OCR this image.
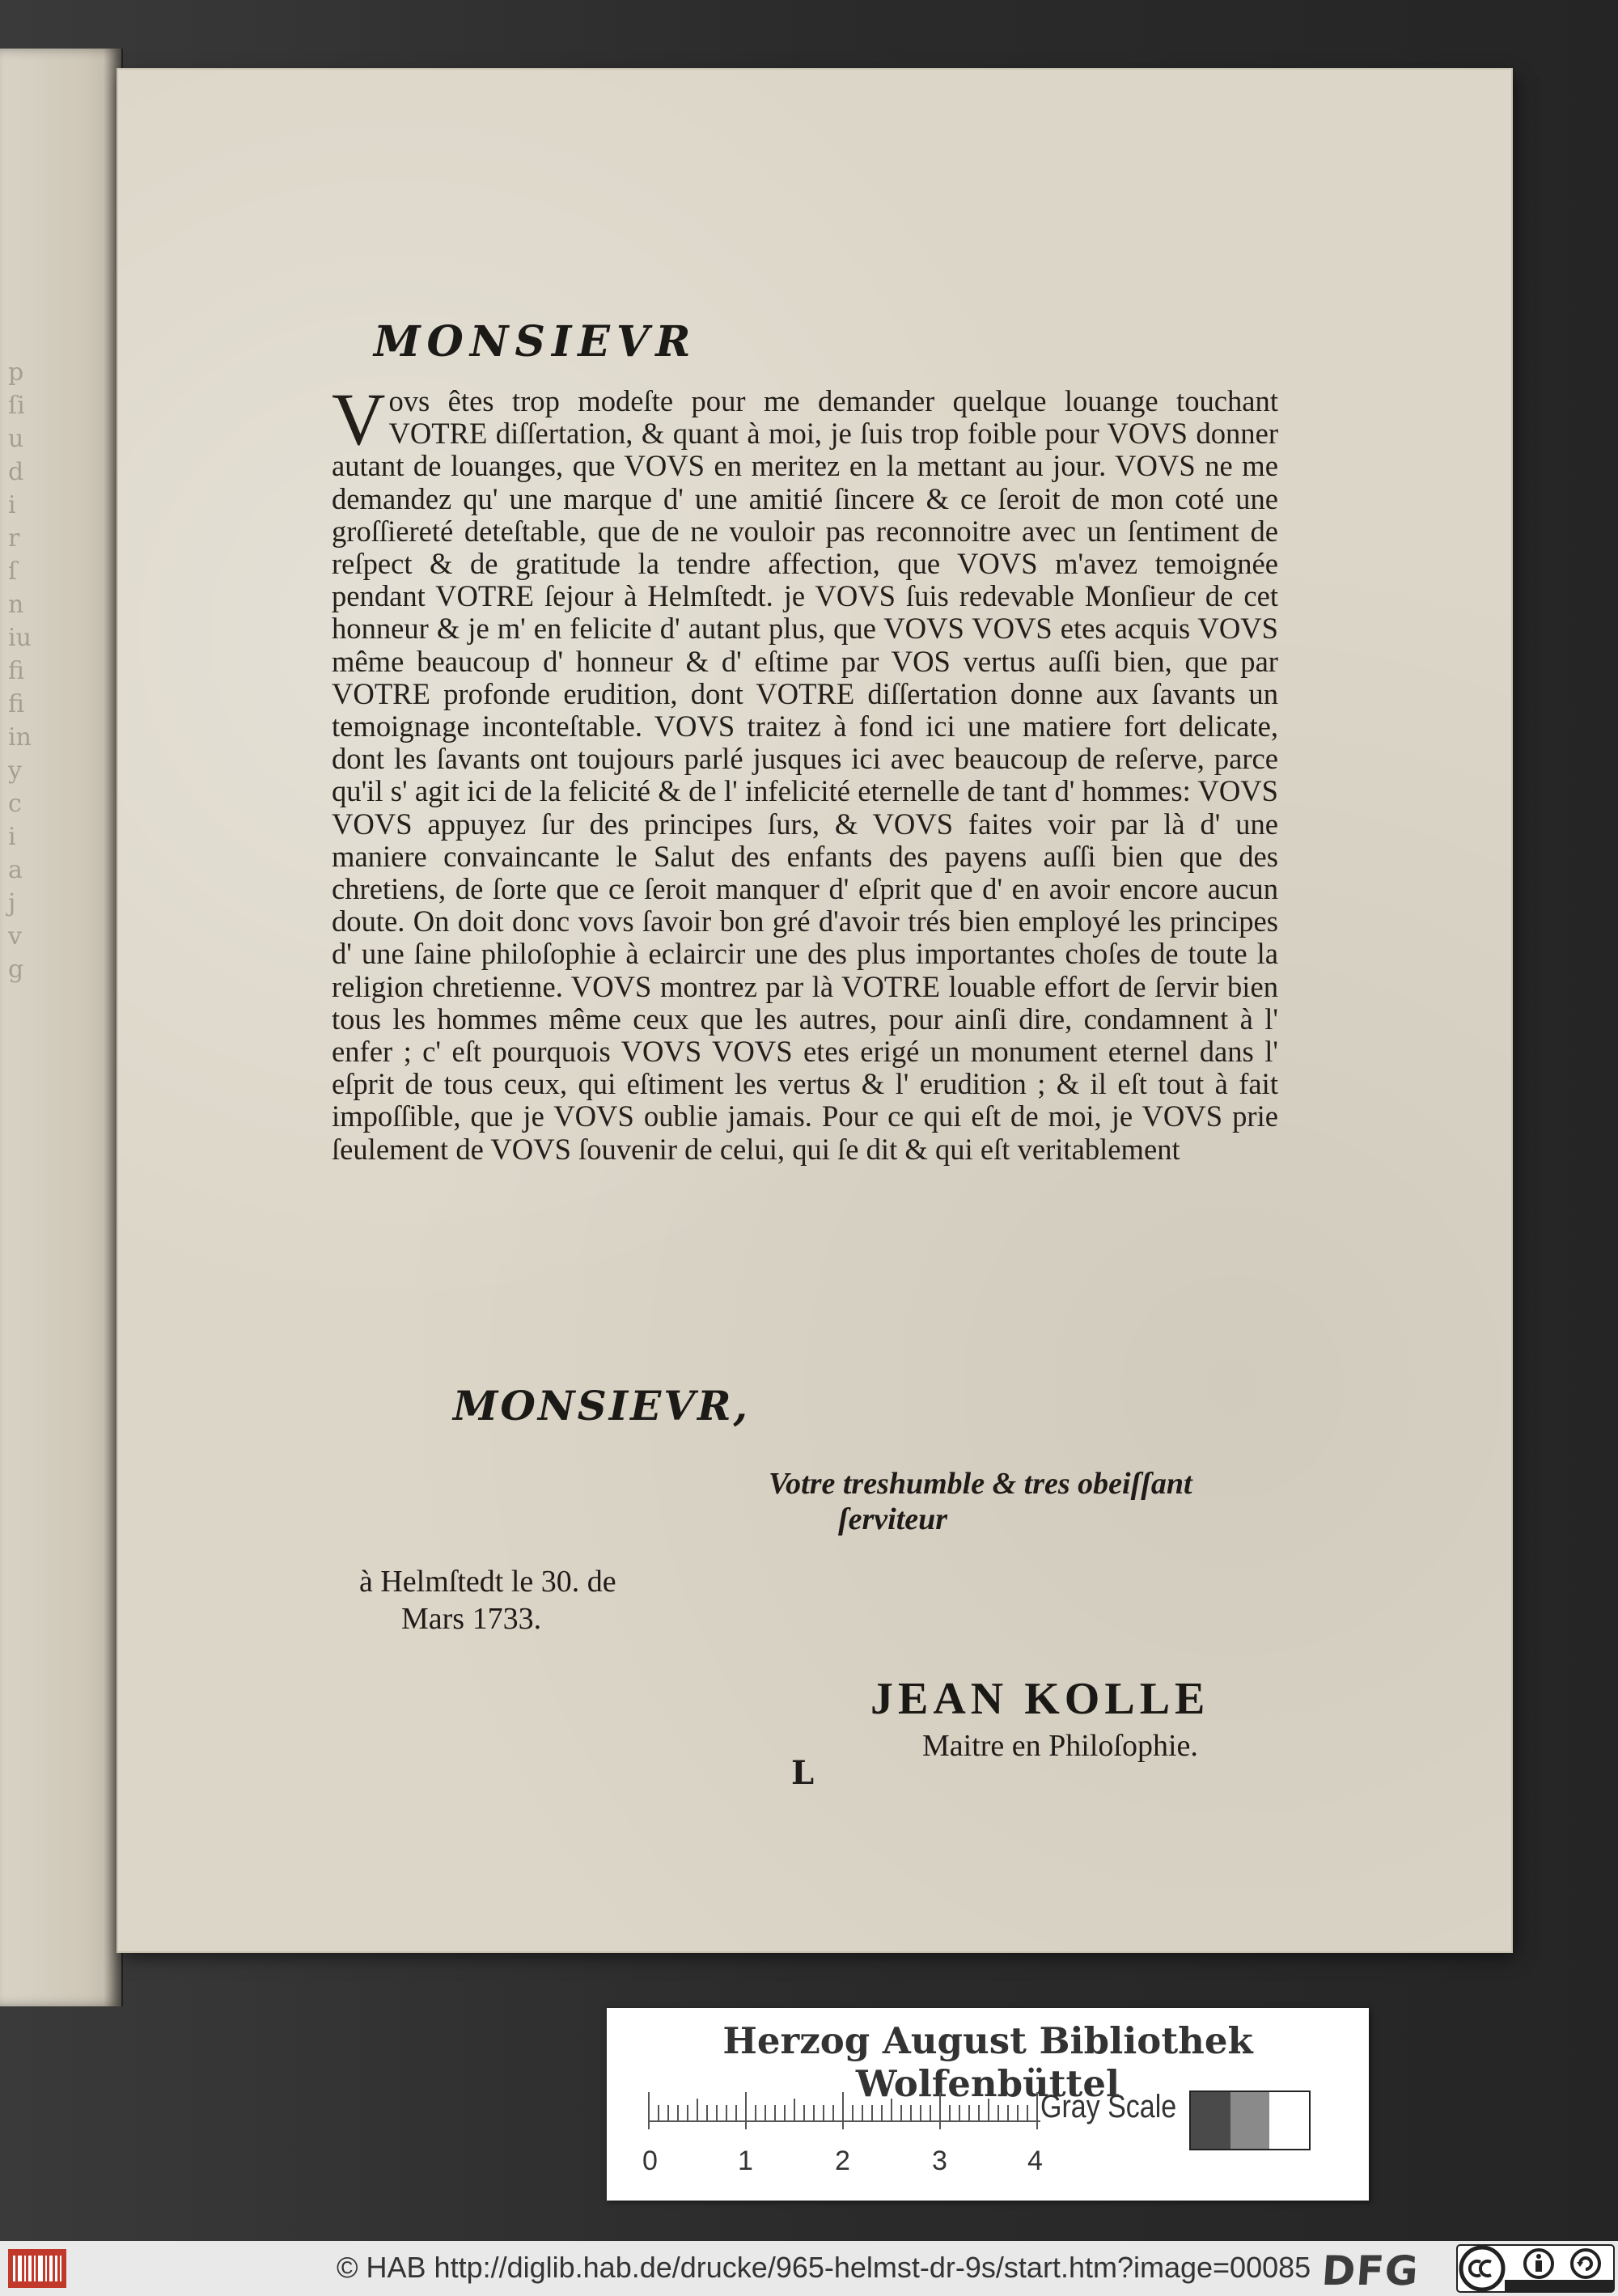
p
ſi
u
d
i
r
ſ
n
iu
fi
fi
in
y
c
i
a
j
v
g
MONSIEVR

Vovs êtes trop modeſte pour me demander quelque louange touchant VOTRE diſſertation, & quant à moi, je ſuis trop foible pour VOVS donner autant de louanges, que VOVS en meritez en la mettant au jour. VOVS ne me demandez qu' une marque d' une amitié ſincere & ce ſeroit de mon coté une groſſiereté deteſtable, que de ne vouloir pas reconnoitre avec un ſentiment de reſpect & de gratitude la tendre affection, que VOVS m'avez temoignée pendant VOTRE ſejour à Helmſtedt. je VOVS ſuis redevable Monſieur de cet honneur & je m' en felicite d' autant plus, que VOVS VOVS etes acquis VOVS même beaucoup d' honneur & d' eſtime par VOS vertus auſſi bien, que par VOTRE profonde erudition, dont VOTRE diſſertation donne aux ſavants un temoignage inconteſtable. VOVS traitez à fond ici une matiere fort delicate, dont les ſavants ont toujours parlé jusques ici avec beaucoup de reſerve, parce qu'il s' agit ici de la felicité & de l' infelicité eternelle de tant d' hommes: VOVS VOVS appuyez ſur des principes ſurs, & VOVS faites voir par là d' une maniere convaincante le Salut des enfants des payens auſſi bien que des chretiens, de ſorte que ce ſeroit manquer d' eſprit que d' en avoir encore aucun doute. On doit donc vovs ſavoir bon gré d'avoir trés bien employé les principes d' une ſaine philoſophie à eclaircir une des plus importantes choſes de toute la religion chretienne. VOVS montrez par là VOTRE louable effort de ſervir bien tous les hommes même ceux que les autres, pour ainſi dire, condamnent à l' enfer ; c' eſt pourquois VOVS VOVS etes erigé un monument eternel dans l' eſprit de tous ceux, qui eſtiment les vertus & l' erudition ; & il eſt tout à fait impoſſible, que je VOVS oublie jamais. Pour ce qui eſt de moi, je VOVS prie ſeulement de VOVS ſouvenir de celui, qui ſe dit & qui eſt veritablement

MONSIEVR,
Votre treshumble & tres obeiſſant
ſerviteur
à Helmſtedt le 30. de
Mars 1733.
JEAN KOLLE
Maitre en Philoſophie.
L
Herzog August Bibliothek Wolfenbüttel
0	1	2	3	4
Gray Scale
© HAB http://diglib.hab.de/drucke/965-helmst-dr-9s/start.htm?image=00085 DFG
